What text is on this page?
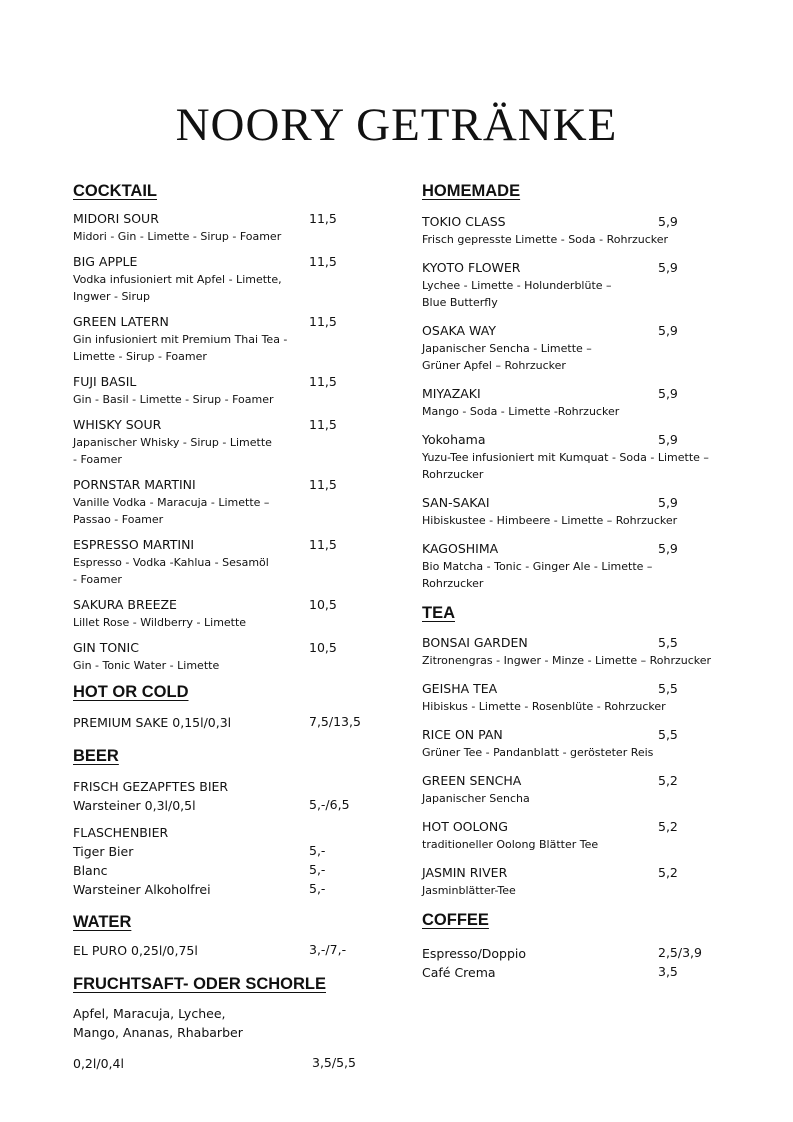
NOORY GETRÄNKE
COCKTAIL
MIDORI SOUR	11,5
Midori - Gin - Limette - Sirup - Foamer
BIG APPLE	11,5
Vodka infusioniert mit Apfel - Limette,
Ingwer - Sirup
GREEN LATERN	11,5
Gin infusioniert mit Premium Thai Tea -
Limette - Sirup - Foamer
FUJI BASIL	11,5
Gin - Basil - Limette - Sirup - Foamer
WHISKY SOUR	11,5
Japanischer Whisky - Sirup - Limette
- Foamer
PORNSTAR MARTINI	11,5
Vanille Vodka - Maracuja - Limette –
Passao - Foamer
ESPRESSO MARTINI	11,5
Espresso - Vodka -Kahlua - Sesamöl
- Foamer
SAKURA BREEZE	10,5
Lillet Rose - Wildberry - Limette
GIN TONIC	10,5
Gin - Tonic Water - Limette
HOT OR COLD
PREMIUM SAKE 0,15l/0,3l	7,5/13,5
BEER
FRISCH GEZAPFTES BIER
Warsteiner 0,3l/0,5l	5,-/6,5
FLASCHENBIER
Tiger Bier	5,-
Blanc	5,-
Warsteiner Alkoholfrei	5,-
WATER
EL PURO 0,25l/0,75l	3,-/7,-
FRUCHTSAFT- ODER SCHORLE
Apfel, Maracuja, Lychee,
Mango, Ananas, Rhabarber
0,2l/0,4l	3,5/5,5
HOMEMADE
TOKIO CLASS	5,9
Frisch gepresste Limette - Soda - Rohrzucker
KYOTO FLOWER	5,9
Lychee - Limette - Holunderblüte –
Blue Butterfly
OSAKA WAY	5,9
Japanischer Sencha - Limette –
Grüner Apfel – Rohrzucker
MIYAZAKI	5,9
Mango - Soda - Limette -Rohrzucker
Yokohama	5,9
Yuzu-Tee infusioniert mit Kumquat - Soda - Limette –
Rohrzucker
SAN-SAKAI	5,9
Hibiskustee - Himbeere - Limette – Rohrzucker
KAGOSHIMA	5,9
Bio Matcha - Tonic - Ginger Ale - Limette –
Rohrzucker
TEA
BONSAI GARDEN	5,5
Zitronengras - Ingwer - Minze - Limette – Rohrzucker
GEISHA TEA	5,5
Hibiskus - Limette - Rosenblüte - Rohrzucker
RICE ON PAN	5,5
Grüner Tee - Pandanblatt - gerösteter Reis
GREEN SENCHA	5,2
Japanischer Sencha
HOT OOLONG	5,2
traditioneller Oolong Blätter Tee
JASMIN RIVER	5,2
Jasminblätter-Tee
COFFEE
Espresso/Doppio	2,5/3,9
Café Crema	3,5
